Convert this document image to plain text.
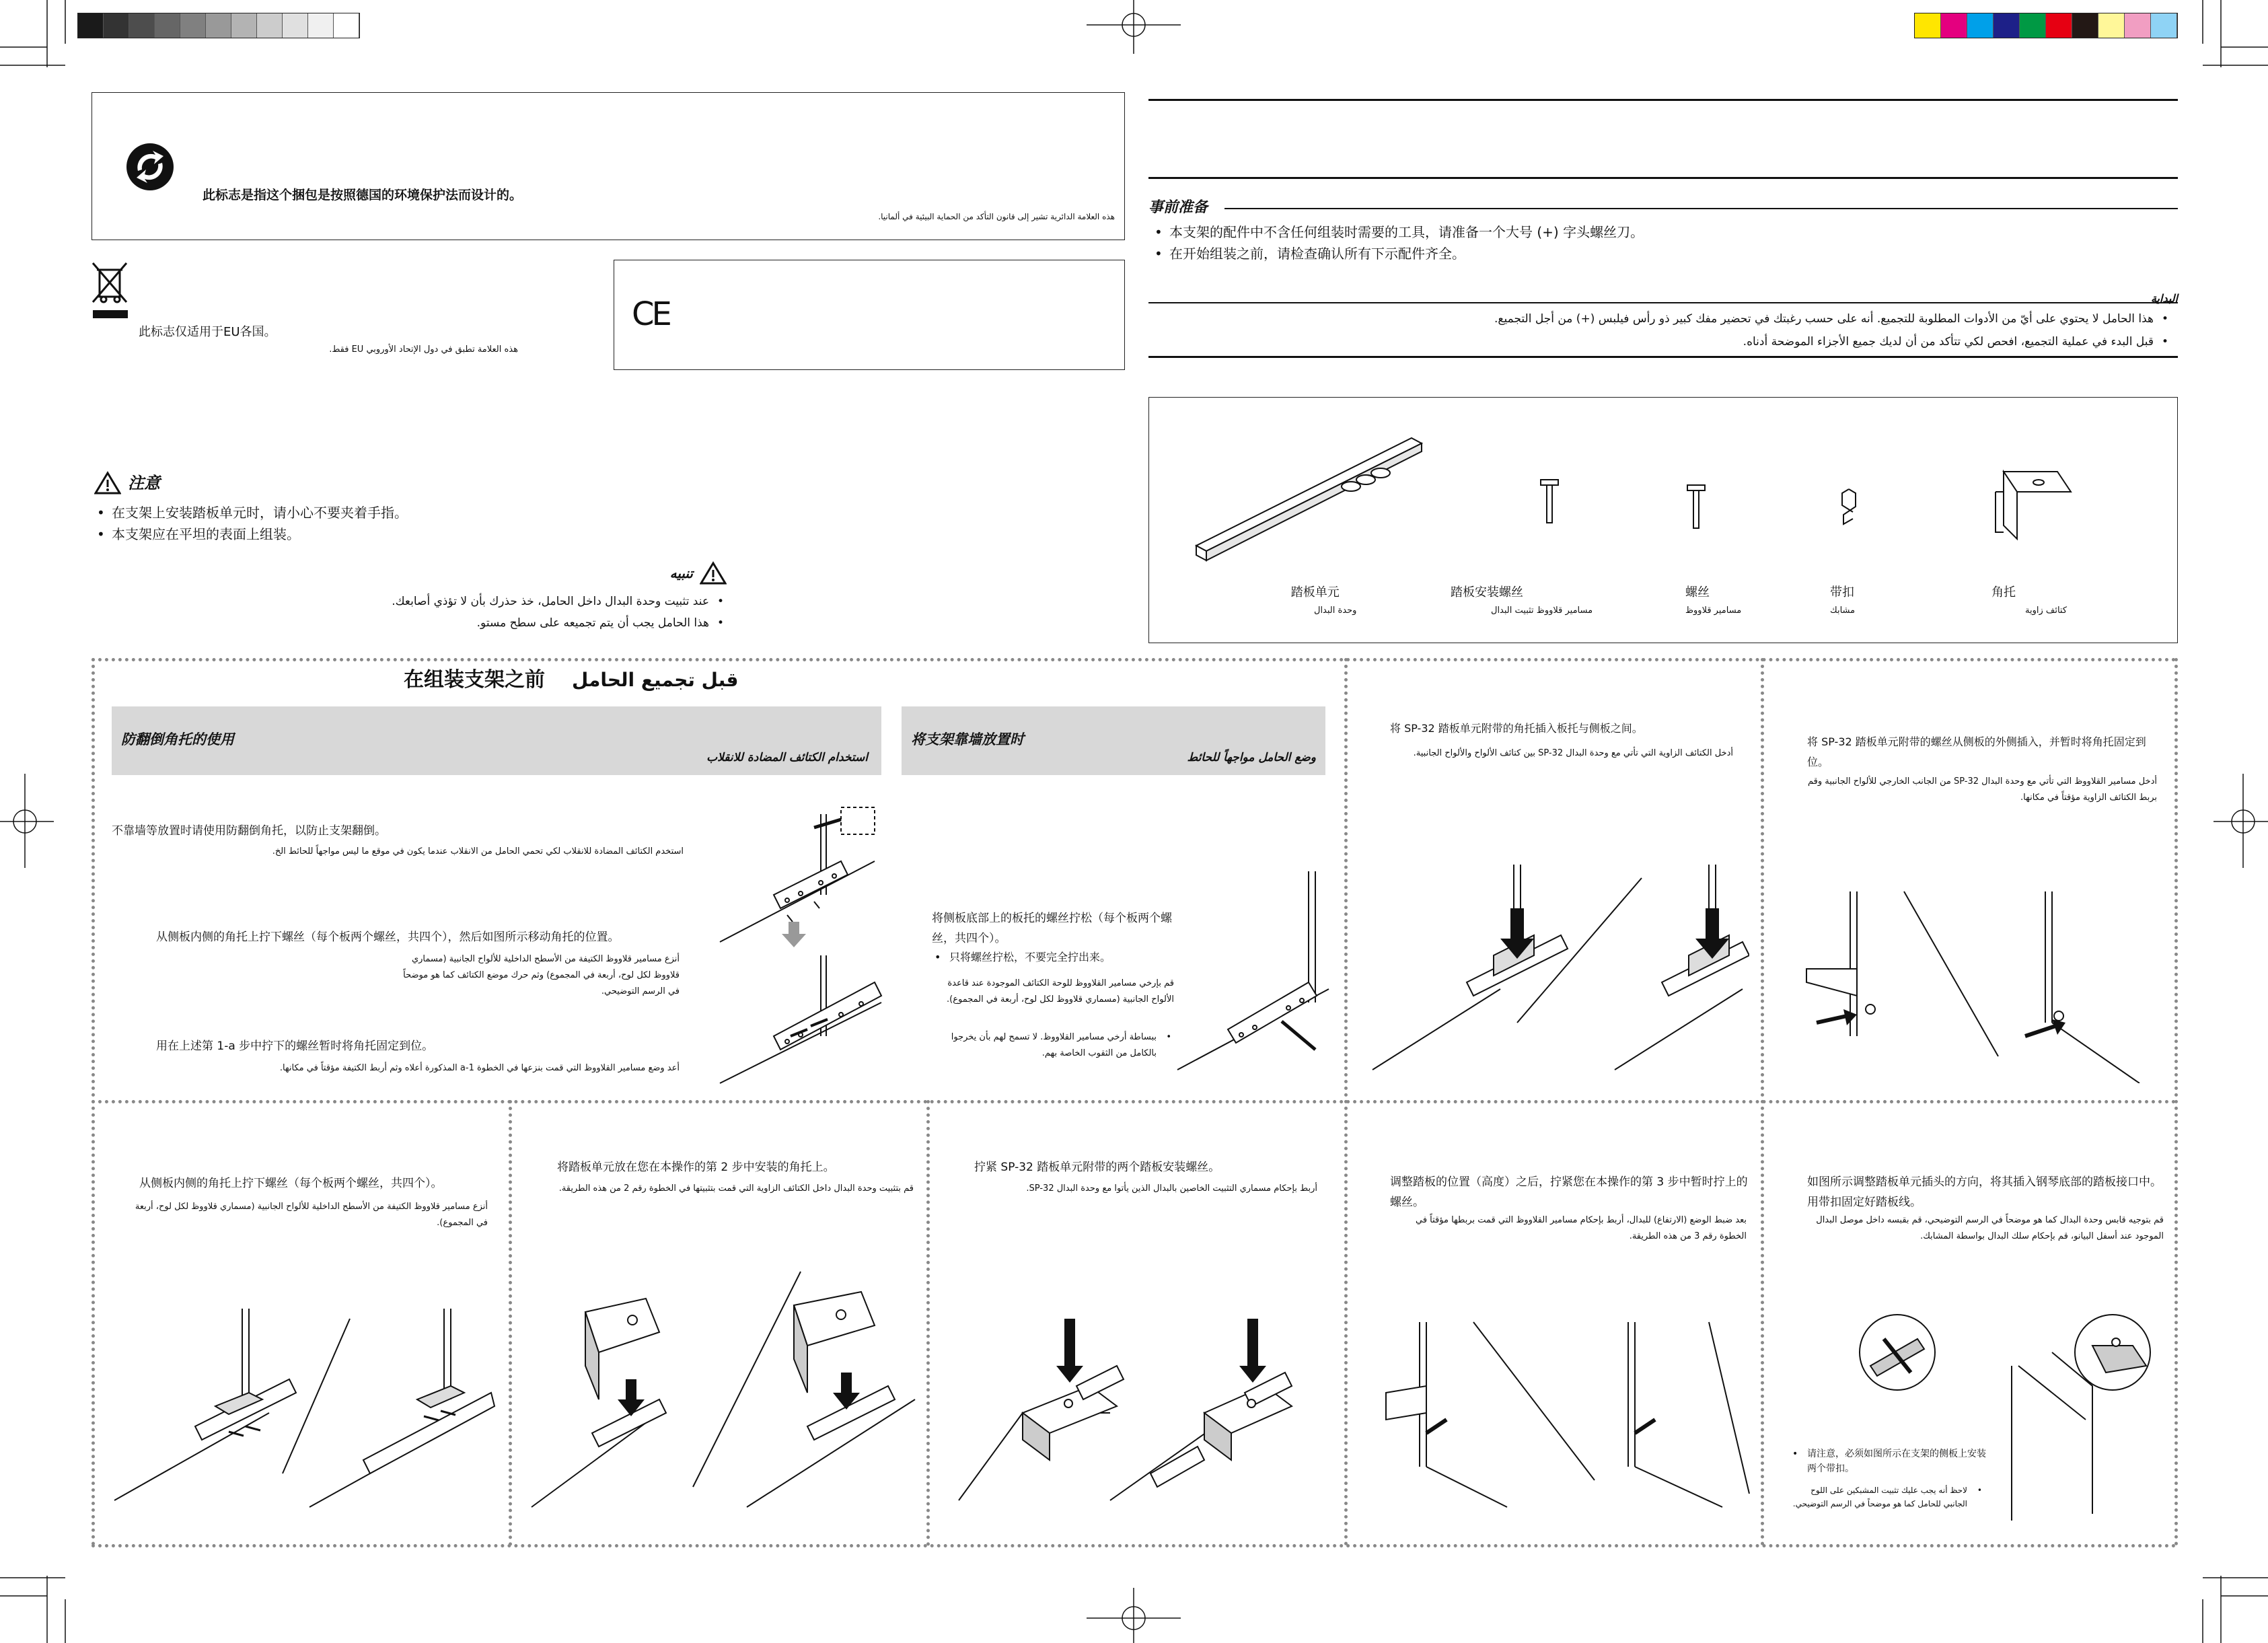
此标志是指这个捆包是按照德国的环境保护法而设计的。
هذه العلامة الدائرية تشير إلى قانون التأكد من الحماية البيئية في ألمانيا.
此标志仅适用于EU各国。
هذه العلامة تطبق في دول الإتحاد الأوروبي EU فقط.
CE
注意
• 在支架上安装踏板单元时，请小心不要夹着手指。
• 本支架应在平坦的表面上组装。
تنبيه
• عند تثبيت وحدة البدال داخل الحامل، خذ حذرك بأن لا تؤذي أصابعك.
• هذا الحامل يجب أن يتم تجميعه على سطح مستو.
事前准备
• 本支架的配件中不含任何组装时需要的工具，请准备一个大号 (+) 字头螺丝刀。
• 在开始组装之前，请检查确认所有下示配件齐全。
البداية
• هذا الحامل لا يحتوي على أيّ من الأدوات المطلوبة للتجميع. أنه على حسب رغبتك في تحضير مفك كبير ذو رأس فيلبس (+) من أجل التجميع.
• قبل البدء في عملية التجميع، افحص لكي تتأكد من أن لديك جميع الأجزاء الموضحة أدناه.
踏板单元
وحدة البدال
踏板安装螺丝
مسامير قلاووظ تثبيت البدال
螺丝
مسامير قلاووظ
带扣
مشابك
角托
كتائف زاوية
在组装支架之前 قبل تجميع الحامل
防翻倒角托的使用
استخدام الكتائف المضادة للانقلاب
不靠墙等放置时请使用防翻倒角托，以防止支架翻倒。
استخدم الكتائف المضادة للانقلاب لكي تحمي الحامل من الانقلاب عندما يكون في موقع ما ليس مواجهاً للحائط الخ.
从侧板内侧的角托上拧下螺丝（每个板两个螺丝，共四个），然后如图所示移动角托的位置。
أنزع مسامير قلاووظ الكتيفة من الأسطح الداخلية للألواح الجانبية (مسماري قلاووظ لكل لوح، أربعة في المجموع) وثم حرك موضع الكتائف كما هو موضحاً في الرسم التوضيحي.
用在上述第 1-a 步中拧下的螺丝暂时将角托固定到位。
أعد وضع مسامير القلاووظ التي قمت بنزعها في الخطوة 1-a المذكورة أعلاه وثم أربط الكتيفة مؤقتاً في مكانها.
将支架靠墙放置时
وضع الحامل مواجهاً للحائط
将侧板底部上的板托的螺丝拧松（每个板两个螺丝，共四个）。
• 只将螺丝拧松，不要完全拧出来。
قم بإرخي مسامير القلاووظ للوحة الكتائف الموجودة عند قاعدة الألواح الجانبية (مسماري قلاووظ لكل لوح، أربعة في المجموع).
• ببساطة أرخي مسامير القلاووظ. لا تسمح لهم بأن يخرجوا بالكامل من الثقوب الخاصة بهم.
将 SP-32 踏板单元附带的角托插入板托与侧板之间。
أدخل الكتائف الزاوية التي تأتي مع وحدة البدال SP-32 بين كتائف الألواح والألواح الجانبية.
将 SP-32 踏板单元附带的螺丝从侧板的外侧插入，并暂时将角托固定到位。
أدخل مسامير القلاووظ التي تأتي مع وحدة البدال SP-32 من الجانب الخارجي للألواح الجانبية وقم بربط الكتائف الزاوية مؤقتاً في مكانها.
从侧板内侧的角托上拧下螺丝（每个板两个螺丝，共四个）。
أنزع مسامير قلاووظ الكتيفة من الأسطح الداخلية للألواح الجانبية (مسماري قلاووظ لكل لوح، أربعة في المجموع).
将踏板单元放在您在本操作的第 2 步中安装的角托上。
قم بتثبيت وحدة البدال داخل الكتائف الزاوية التي قمت بتثبيتها في الخطوة رقم 2 من هذه الطريقة.
拧紧 SP-32 踏板单元附带的两个踏板安装螺丝。
أربط بإحكام مسماري التثبيت الخاصين بالبدال الذين يأتوا مع وحدة البدال SP-32.	调整踏板的位置（高度）之后，拧紧您在本操作的第 3 步中暂时拧上的螺丝。
بعد ضبط الوضع (الارتفاع) للبدال، أربط بإحكام مسامير القلاووظ التي قمت بربطها مؤقتاً في الخطوة رقم 3 من هذه الطريقة.
如图所示调整踏板单元插头的方向，将其插入钢琴底部的踏板接口中。用带扣固定好踏板线。
قم بتوجيه قابس وحدة البدال كما هو موضحاً في الرسم التوضيحي، قم بقبسه داخل موصل البدال الموجود عند أسفل البيانو، قم بإحكام سلك البدال بواسطة المشابك.
• 请注意，必须如图所示在支架的侧板上安装两个带扣。
• لاحظ أنه يجب عليك تثبيت المشبكين على اللوح الجانبي للحامل كما هو موضحاً في الرسم التوضيحي.
